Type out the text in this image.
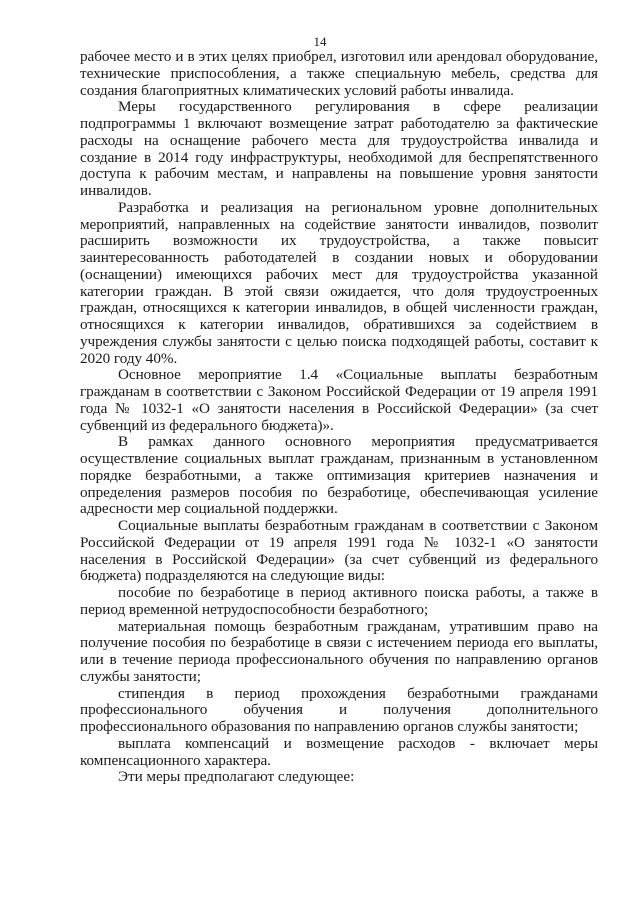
14

рабочее место и в этих целях приобрел, изготовил или арендовал оборудование, технические приспособления, а также специальную мебель, средства для создания благоприятных климатических условий работы инвалида.

Меры государственного регулирования в сфере реализации подпрограммы 1 включают возмещение затрат работодателю за фактические расходы на оснащение рабочего места для трудоустройства инвалида и создание в 2014 году инфраструктуры, необходимой для беспрепятственного доступа к рабочим местам, и направлены на повышение уровня занятости инвалидов.

Разработка и реализация на региональном уровне дополнительных мероприятий, направленных на содействие занятости инвалидов, позволит расширить возможности их трудоустройства, а также повысит заинтересованность работодателей в создании новых и оборудовании (оснащении) имеющихся рабочих мест для трудоустройства указанной категории граждан. В этой связи ожидается, что доля трудоустроенных граждан, относящихся к категории инвалидов, в общей численности граждан, относящихся к категории инвалидов, обратившихся за содействием в учреждения службы занятости с целью поиска подходящей работы, составит к 2020 году 40%.

Основное мероприятие 1.4 «Социальные выплаты безработным гражданам в соответствии с Законом Российской Федерации от 19 апреля 1991 года № 1032-1 «О занятости населения в Российской Федерации» (за счет субвенций из федерального бюджета)».

В рамках данного основного мероприятия предусматривается осуществление социальных выплат гражданам, признанным в установленном порядке безработными, а также оптимизация критериев назначения и определения размеров пособия по безработице, обеспечивающая усиление адресности мер социальной поддержки.

Социальные выплаты безработным гражданам в соответствии с Законом Российской Федерации от 19 апреля 1991 года № 1032-1 «О занятости населения в Российской Федерации» (за счет субвенций из федерального бюджета) подразделяются на следующие виды:

пособие по безработице в период активного поиска работы, а также в период временной нетрудоспособности безработного;

материальная помощь безработным гражданам, утратившим право на получение пособия по безработице в связи с истечением периода его выплаты, или в течение периода профессионального обучения по направлению органов службы занятости;

стипендия в период прохождения безработными гражданами профессионального обучения и получения дополнительного профессионального образования по направлению органов службы занятости;

выплата компенсаций и возмещение расходов - включает меры компенсационного характера.

Эти меры предполагают следующее:
